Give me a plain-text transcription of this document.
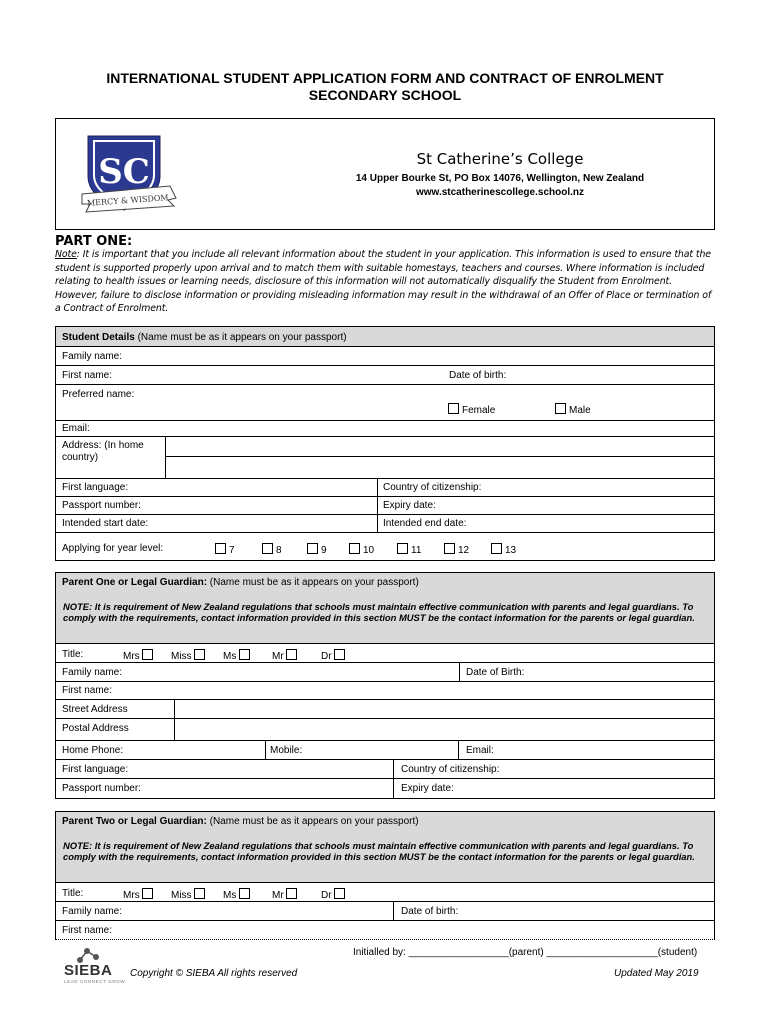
INTERNATIONAL STUDENT APPLICATION FORM AND CONTRACT OF ENROLMENT
SECONDARY SCHOOL
SC
MERCY & WISDOM
St Catherine’s College
14 Upper Bourke St, PO Box 14076, Wellington, New Zealand
www.stcatherinescollege.school.nz
PART ONE:
Note: It is important that you include all relevant information about the student in your application. This information is used to ensure that the student is supported properly upon arrival and to match them with suitable homestays, teachers and courses. Where information is included relating to health issues or learning needs, disclosure of this information will not automatically disqualify the Student from Enrolment. However, failure to disclose information or providing misleading information may result in the withdrawal of an Offer of Place or termination of a Contract of Enrolment.
Student Details (Name must be as it appears on your passport)
Family name:
First name:	Date of birth:
Preferred name:
Female	Male
Email:
Address: (In home country)
First language:	Country of citizenship:
Passport number:	Expiry date:
Intended start date:	Intended end date:
Applying for year level:	7	8	9	10	11	12	13
Parent One or Legal Guardian: (Name must be as it appears on your passport)
NOTE: It is requirement of New Zealand regulations that schools must maintain effective communication with parents and legal guardians. To comply with the requirements, contact information provided in this section MUST be the contact information for the parents or legal guardian.
Title:	Mrs	Miss	Ms	Mr	Dr
Family name:	Date of Birth:
First name:
Street Address
Postal Address
Home Phone:	Mobile:	Email:
First language:	Country of citizenship:
Passport number:	Expiry date:
Parent Two or Legal Guardian: (Name must be as it appears on your passport)
NOTE: It is requirement of New Zealand regulations that schools must maintain effective communication with parents and legal guardians. To comply with the requirements, contact information provided in this section MUST be the contact information for the parents or legal guardian.
Title:	Mrs	Miss	Ms	Mr	Dr
Family name:	Date of birth:
First name:
Initialled by: __________________(parent) ____________________(student)
SIEBA
LEAD CONNECT GROW
Copyright © SIEBA All rights reserved	Updated May 2019
